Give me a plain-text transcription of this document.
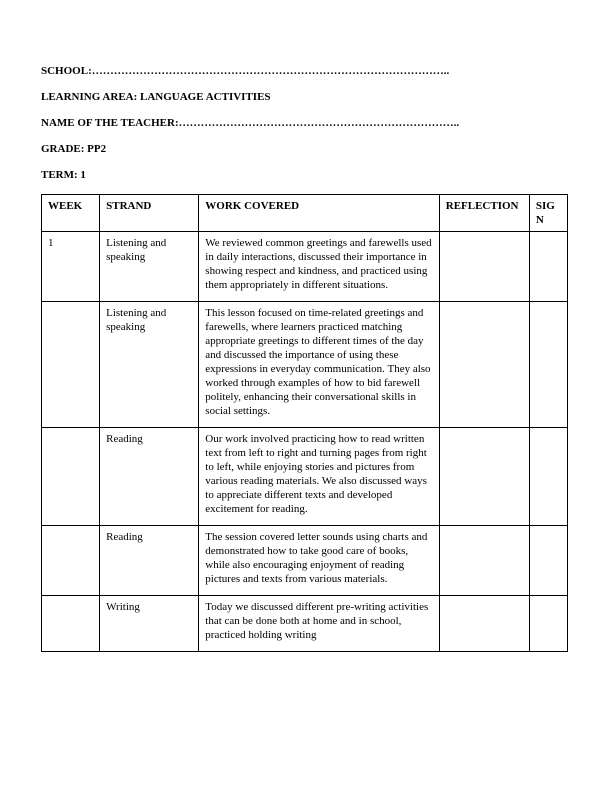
SCHOOL:……………………………………………………………………………………..

LEARNING AREA: LANGUAGE ACTIVITIES

NAME OF THE TEACHER:…………………………………………………………………..

GRADE: PP2

TERM: 1

WEEK	STRAND	WORK COVERED	REFLECTION	SIGN
1	Listening and speaking	We reviewed common greetings and farewells used in daily interactions, discussed their importance in showing respect and kindness, and practiced using them appropriately in different situations.		
	Listening and speaking	This lesson focused on time-related greetings and farewells, where learners practiced matching appropriate greetings to different times of the day and discussed the importance of using these expressions in everyday communication. They also worked through examples of how to bid farewell politely, enhancing their conversational skills in social settings.		
	Reading	Our work involved practicing how to read written text from left to right and turning pages from right to left, while enjoying stories and pictures from various reading materials. We also discussed ways to appreciate different texts and developed excitement for reading.		
	Reading	The session covered letter sounds using charts and demonstrated how to take good care of books, while also encouraging enjoyment of reading pictures and texts from various materials.		
	Writing	Today we discussed different pre-writing activities that can be done both at home and in school, practiced holding writing		
